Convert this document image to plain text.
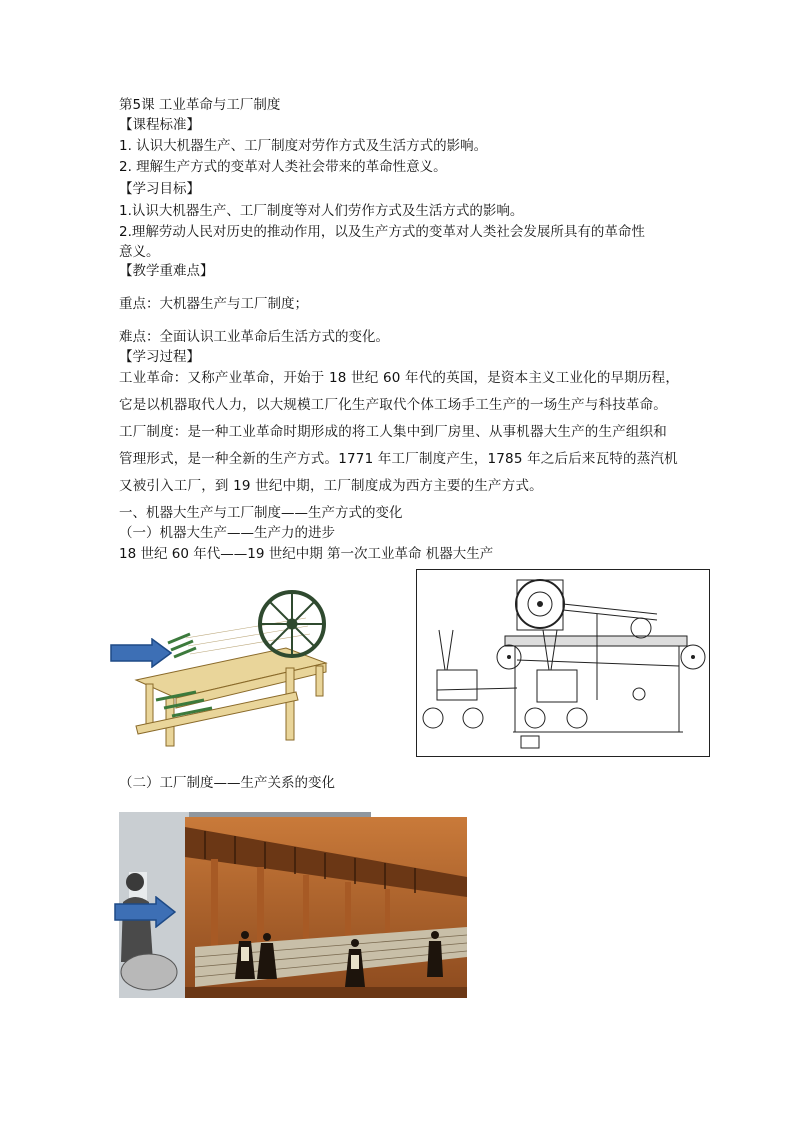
第5课 工业革命与工厂制度
【课程标准】
1. 认识大机器生产、工厂制度对劳作方式及生活方式的影响。
2. 理解生产方式的变革对人类社会带来的革命性意义。
【学习目标】
1.认识大机器生产、工厂制度等对人们劳作方式及生活方式的影响。
2.理解劳动人民对历史的推动作用，以及生产方式的变革对人类社会发展所具有的革命性
意义。
【教学重难点】
重点：大机器生产与工厂制度；
难点：全面认识工业革命后生活方式的变化。
【学习过程】
工业革命：又称产业革命，开始于 18 世纪 60 年代的英国，是资本主义工业化的早期历程，
它是以机器取代人力，以大规模工厂化生产取代个体工场手工生产的一场生产与科技革命。
工厂制度：是一种工业革命时期形成的将工人集中到厂房里、从事机器大生产的生产组织和
管理形式，是一种全新的生产方式。1771 年工厂制度产生，1785 年之后后来瓦特的蒸汽机
又被引入工厂，到 19 世纪中期，工厂制度成为西方主要的生产方式。
一、机器大生产与工厂制度——生产方式的变化
（一）机器大生产——生产力的进步
18 世纪 60 年代——19 世纪中期 第一次工业革命 机器大生产
（二）工厂制度——生产关系的变化
